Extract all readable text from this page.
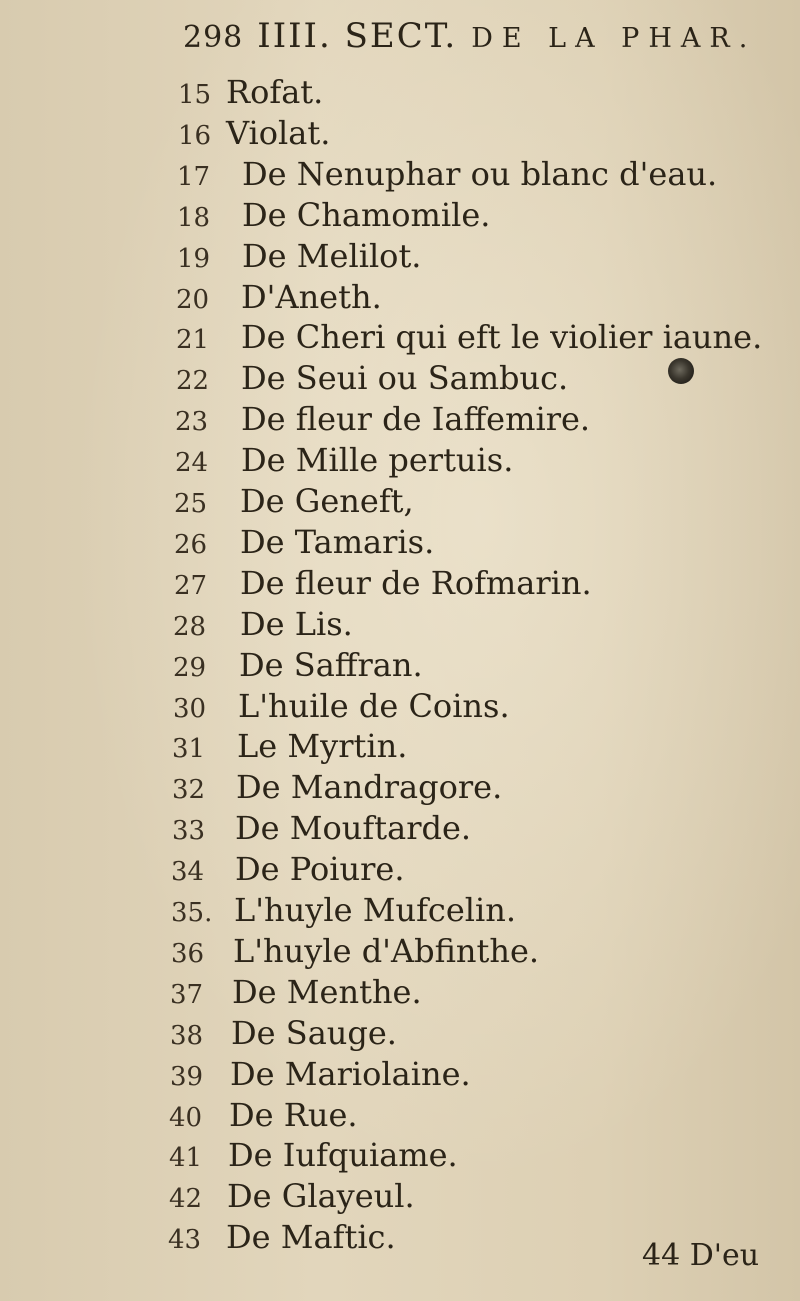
298 IIII. SECT. DE LA PHAR.
15 Rofat.
16 Violat.
17 De Nenuphar ou blanc d'eau.
18 De Chamomile.
19 De Melilot.
20 D'Aneth.
21 De Cheri qui eft le violier iaune.
22 De Seui ou Sambuc.
23	De fleur de Iaffemire.
24	De Mille pertuis.
25	De Geneft,
26	De Tamaris.
27	De fleur de Rofmarin.
28	De Lis.
29	De Saffran.
30 L'huile de Coins.
31 Le Myrtin.
32 De Mandragore.
33 De Mouftarde.
34 De Poiure.
35. L'huyle Mufcelin.
36 L'huyle d'Abfinthe.
37 De Menthe.
38 De Sauge.
39 De Mariolaine.
40 De Rue.
41 De Iufquiame.
42 De Glayeul.
43 De Maftic.	44 D'eu
